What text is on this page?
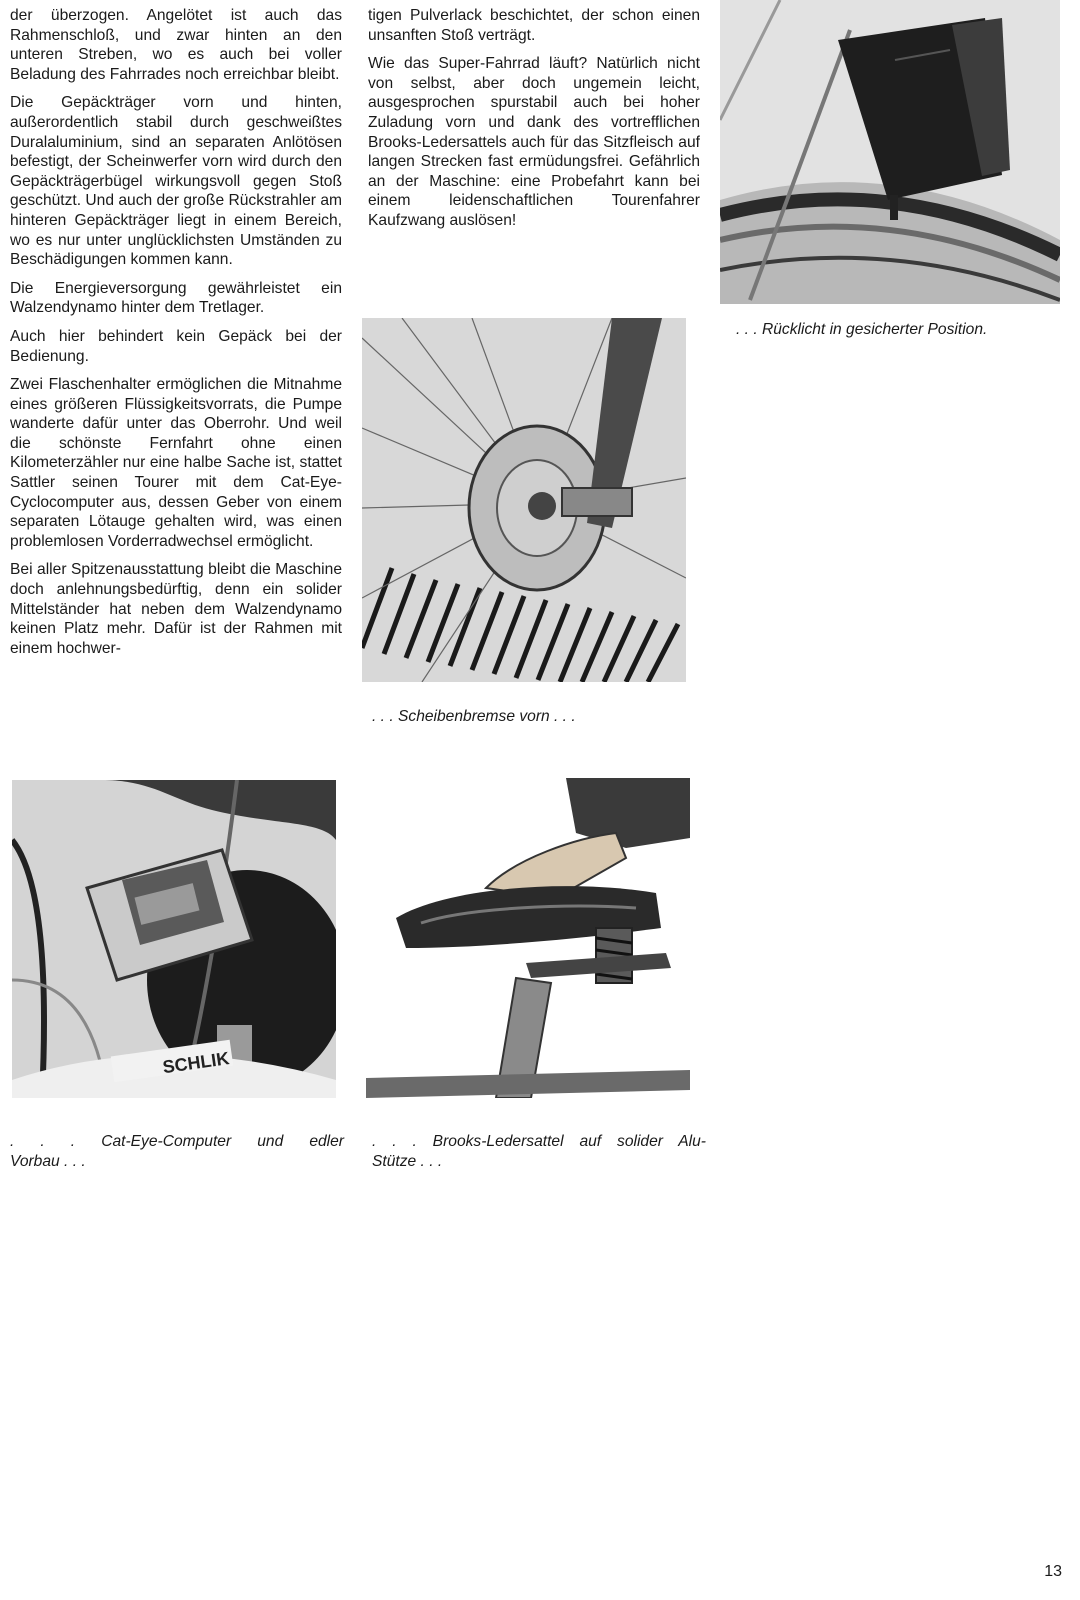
der überzogen. Angelötet ist auch das Rahmenschloß, und zwar hinten an den unteren Streben, wo es auch bei voller Beladung des Fahrrades noch erreichbar bleibt.

Die Gepäckträger vorn und hinten, außerordentlich stabil durch geschweißtes Duralaluminium, sind an separaten Anlötösen befestigt, der Scheinwerfer vorn wird durch den Gepäckträgerbügel wirkungsvoll gegen Stoß geschützt. Und auch der große Rückstrahler am hinteren Gepäckträger liegt in einem Bereich, wo es nur unter unglücklichsten Umständen zu Beschädigungen kommen kann.

Die Energieversorgung gewährleistet ein Walzendynamo hinter dem Tretlager.

Auch hier behindert kein Gepäck bei der Bedienung.

Zwei Flaschenhalter ermöglichen die Mitnahme eines größeren Flüssigkeitsvorrats, die Pumpe wanderte dafür unter das Oberrohr. Und weil die schönste Fernfahrt ohne einen Kilometerzähler nur eine halbe Sache ist, stattet Sattler seinen Tourer mit dem Cat-Eye-Cyclocomputer aus, dessen Geber von einem separaten Lötauge gehalten wird, was einen problemlosen Vorderradwechsel ermöglicht.

Bei aller Spitzenausstattung bleibt die Maschine doch anlehnungsbedürftig, denn ein solider Mittelständer hat neben dem Walzendynamo keinen Platz mehr. Dafür ist der Rahmen mit einem hochwer-

tigen Pulverlack beschichtet, der schon einen unsanften Stoß verträgt.

Wie das Super-Fahrrad läuft? Natürlich nicht von selbst, aber doch ungemein leicht, ausgesprochen spurstabil auch bei hoher Zuladung vorn und dank des vortrefflichen Brooks-Ledersattels auch für das Sitzfleisch auf langen Strecken fast ermüdungsfrei. Gefährlich an der Maschine: eine Probefahrt kann bei einem leidenschaftlichen Tourenfahrer Kaufzwang auslösen!

SCHLIK
. . . Rücklicht in gesicherter Position.
. . . Scheibenbremse vorn . . .
. . . Cat-Eye-Computer und edler
Vorbau . . .
. . . Brooks-Ledersattel auf solider Alu-
Stütze . . .
13
